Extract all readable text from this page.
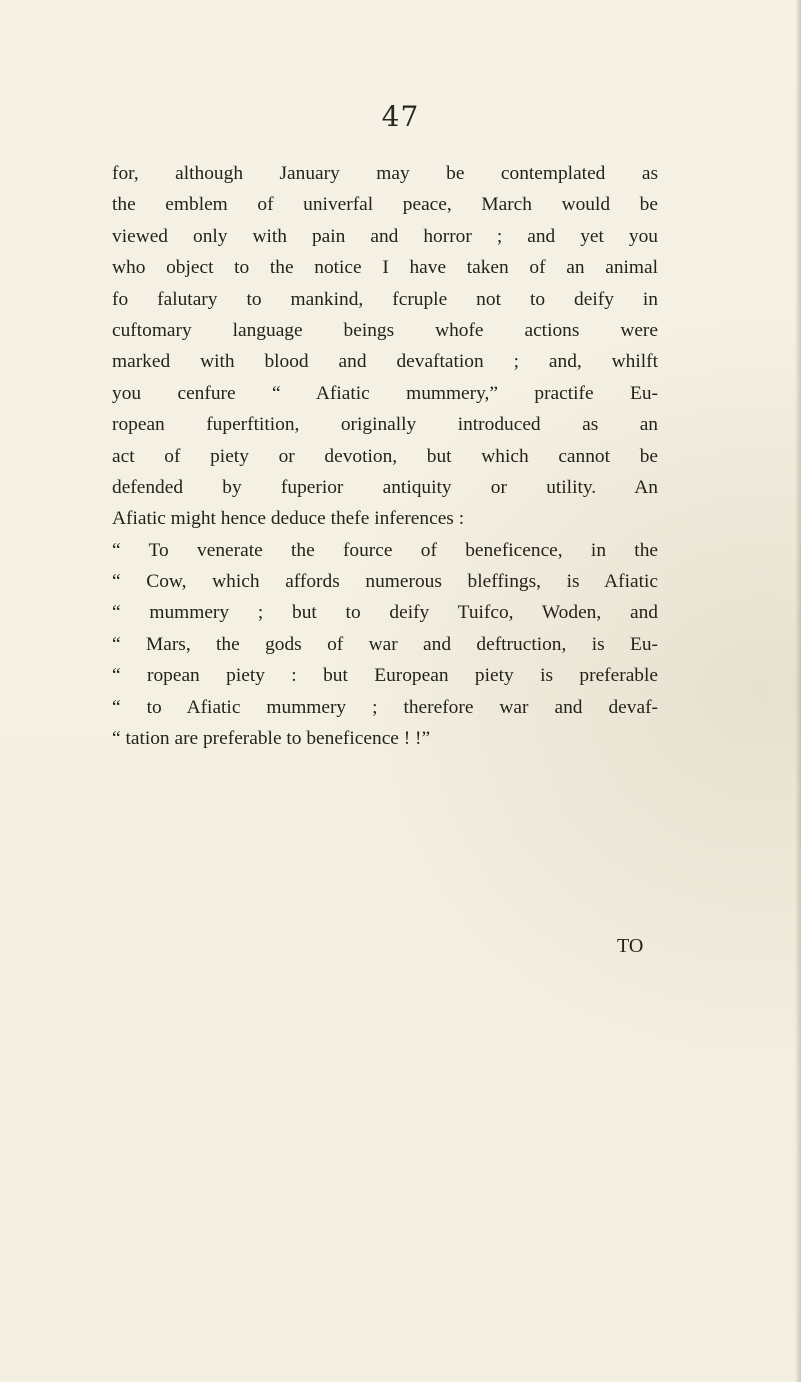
47
for, although January may be contemplated as
the emblem of univerfal peace, March would be
viewed only with pain and horror ; and yet you
who object to the notice I have taken of an animal
fo falutary to mankind, fcruple not to deify in
cuftomary language beings whofe actions were
marked with blood and devaftation ; and, whilft
you cenfure “ Afiatic mummery,” practife Eu-
ropean fuperftition, originally introduced as an
act of piety or devotion, but which cannot be
defended by fuperior antiquity or utility. An
Afiatic might hence deduce thefe inferences :
“ To venerate the fource of beneficence, in the
“ Cow, which affords numerous bleffings, is Afiatic
“ mummery ; but to deify Tuifco, Woden, and
“ Mars, the gods of war and deftruction, is Eu-
“ ropean piety : but European piety is preferable
“ to Afiatic mummery ; therefore war and devaf-
“ tation are preferable to beneficence ! !”
TO
